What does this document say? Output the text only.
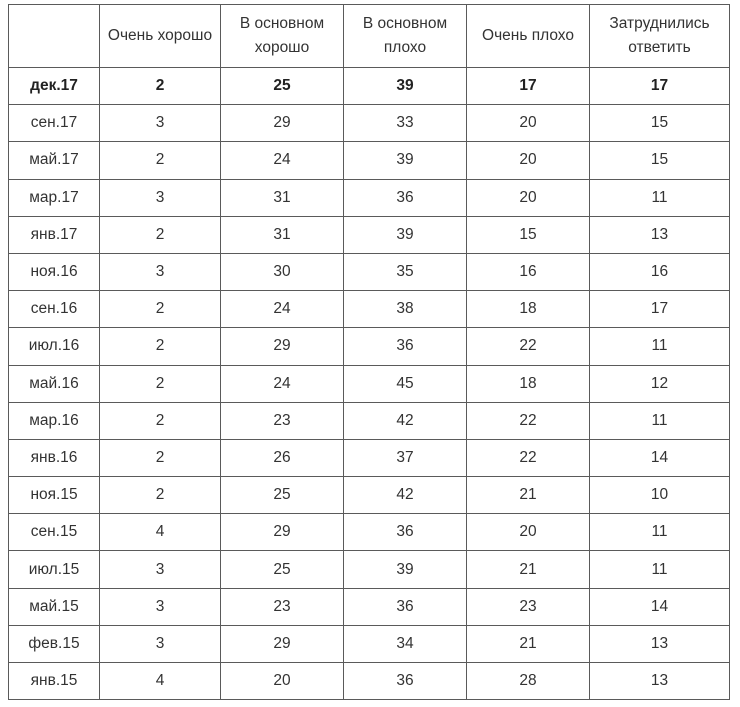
	Очень хорошо	В основном хорошо	В основном плохо	Очень плохо	Затруднились ответить
дек.17	2	25	39	17	17
сен.17	3	29	33	20	15
май.17	2	24	39	20	15
мар.17	3	31	36	20	11
янв.17	2	31	39	15	13
ноя.16	3	30	35	16	16
сен.16	2	24	38	18	17
июл.16	2	29	36	22	11
май.16	2	24	45	18	12
мар.16	2	23	42	22	11
янв.16	2	26	37	22	14
ноя.15	2	25	42	21	10
сен.15	4	29	36	20	11
июл.15	3	25	39	21	11
май.15	3	23	36	23	14
фев.15	3	29	34	21	13
янв.15	4	20	36	28	13
